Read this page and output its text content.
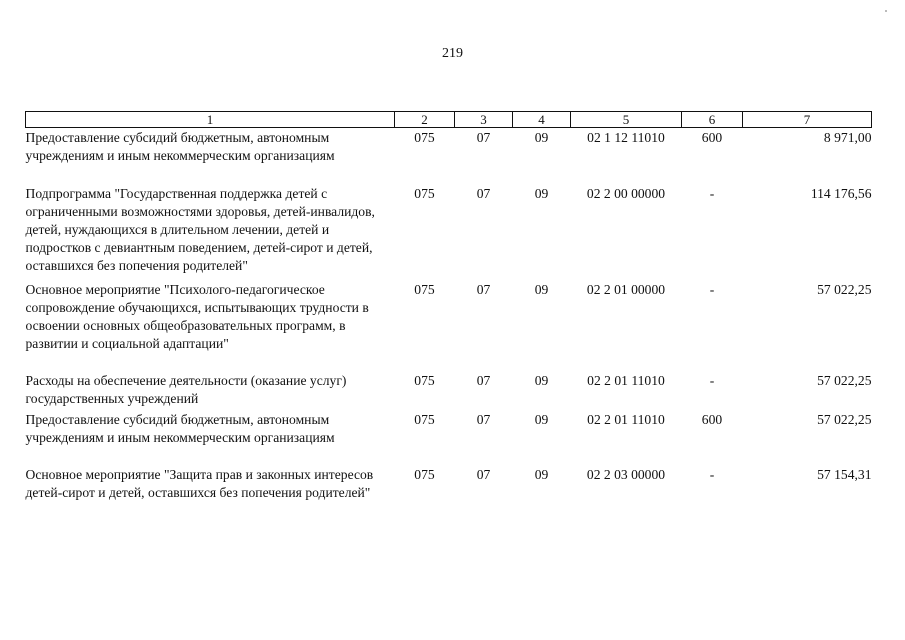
219
1	2	3	4	5	6	7
Предоставление субсидий бюджетным, автономным учреждениям и иным некоммерческим организациям	075	07	09	02 1 12 11010	600	8 971,00
Подпрограмма "Государственная поддержка детей с ограниченными возможностями здоровья, детей-инвалидов, детей, нуждающихся в длительном лечении, детей и подростков с девиантным поведением, детей-сирот и детей, оставшихся без попечения родителей"	075	07	09	02 2 00 00000	-	114 176,56
Основное мероприятие "Психолого-педагогическое сопровождение обучающихся, испытывающих трудности в освоении основных общеобразовательных программ, в развитии и социальной адаптации"	075	07	09	02 2 01 00000	-	57 022,25
Расходы на обеспечение деятельности (оказание услуг) государственных учреждений	075	07	09	02 2 01 11010	-	57 022,25
Предоставление субсидий бюджетным, автономным учреждениям и иным некоммерческим организациям	075	07	09	02 2 01 11010	600	57 022,25
Основное мероприятие "Защита прав и законных интересов детей-сирот и детей, оставшихся без попечения родителей"	075	07	09	02 2 03 00000	-	57 154,31
